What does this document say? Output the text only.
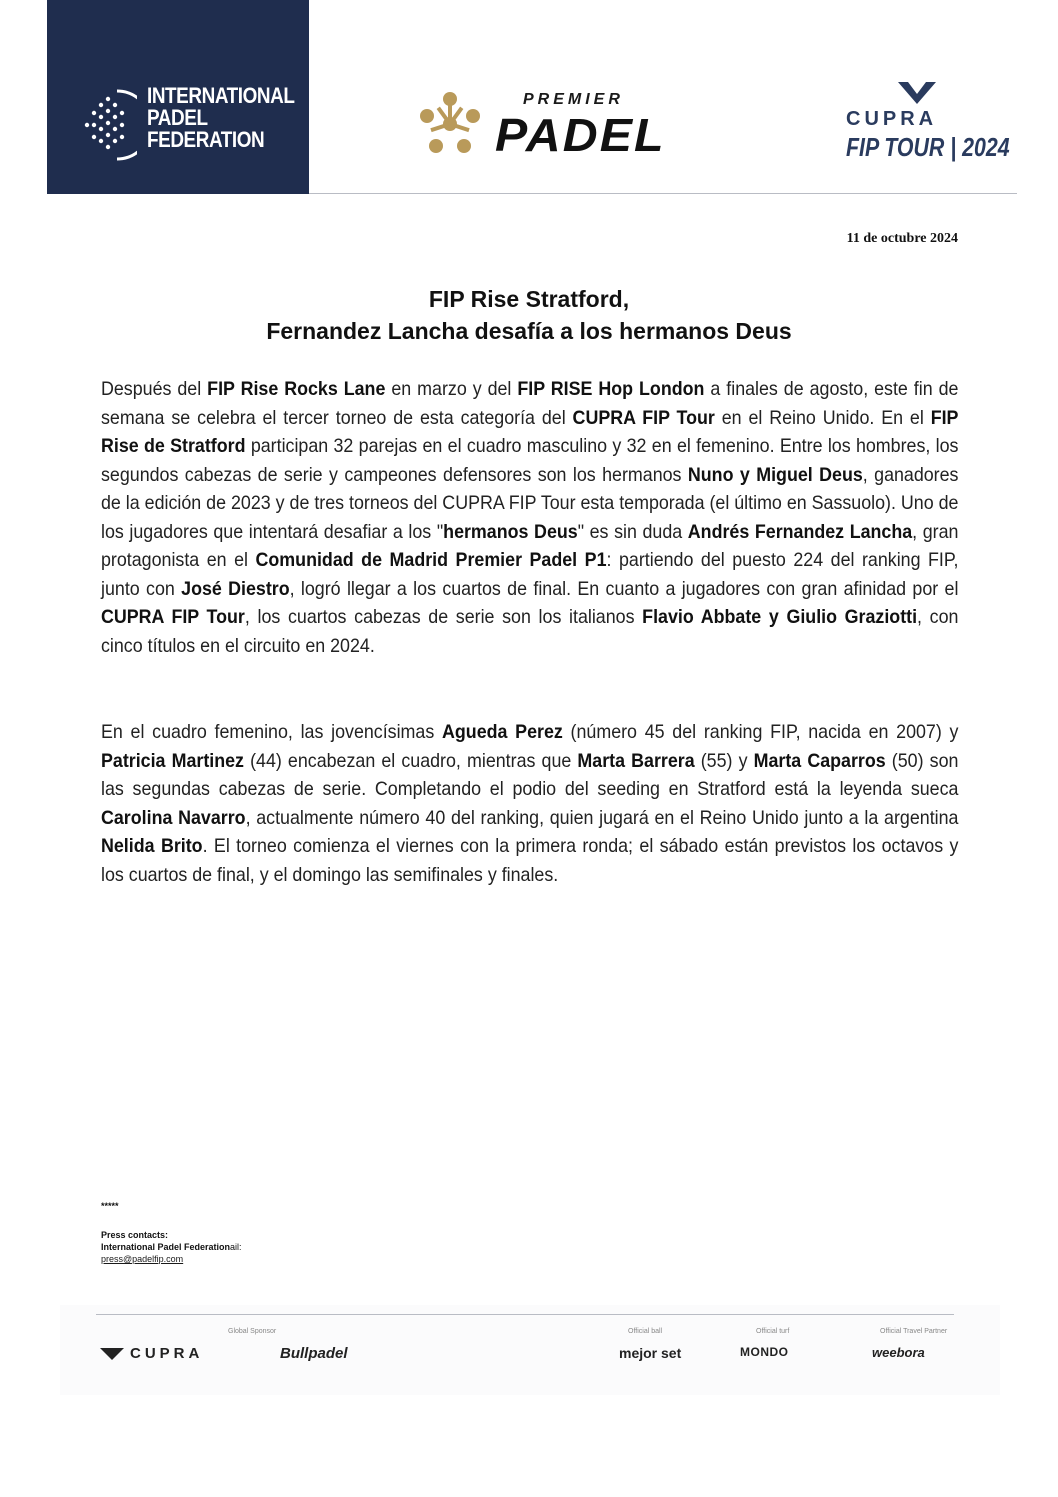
INTERNATIONAL
PADEL
FEDERATION
PREMIER
PADEL	CUPRA
FIP TOUR | 2024
11 de octubre 2024
FIP Rise Stratford,
Fernandez Lancha desafía a los hermanos Deus
Después del FIP Rise Rocks Lane en marzo y del FIP RISE Hop London a finales de agosto, este fin de semana se celebra el tercer torneo de esta categoría del CUPRA FIP Tour en el Reino Unido. En el FIP Rise de Stratford participan 32 parejas en el cuadro masculino y 32 en el femenino. Entre los hombres, los segundos cabezas de serie y campeones defensores son los hermanos Nuno y Miguel Deus, ganadores de la edición de 2023 y de tres torneos del CUPRA FIP Tour esta temporada (el último en Sassuolo). Uno de los jugadores que intentará desafiar a los "hermanos Deus" es sin duda Andrés Fernandez Lancha, gran protagonista en el Comunidad de Madrid Premier Padel P1: partiendo del puesto 224 del ranking FIP, junto con José Diestro, logró llegar a los cuartos de final. En cuanto a jugadores con gran afinidad por el CUPRA FIP Tour, los cuartos cabezas de serie son los italianos Flavio Abbate y Giulio Graziotti, con cinco títulos en el circuito en 2024.
En el cuadro femenino, las jovencísimas Agueda Perez (número 45 del ranking FIP, nacida en 2007) y Patricia Martinez (44) encabezan el cuadro, mientras que Marta Barrera (55) y Marta Caparros (50) son las segundas cabezas de serie. Completando el podio del seeding en Stratford está la leyenda sueca Carolina Navarro, actualmente número 40 del ranking, quien jugará en el Reino Unido junto a la argentina Nelida Brito. El torneo comienza el viernes con la primera ronda; el sábado están previstos los octavos y los cuartos de final, y el domingo las semifinales y finales.
*****
Press contacts:
International Padel Federationail:
press@padelfip.com
Global Sponsor	Official ball	Official turf	Official Travel Partner
CUPRA	Bullpadel	mejor set	MONDO	weebora
